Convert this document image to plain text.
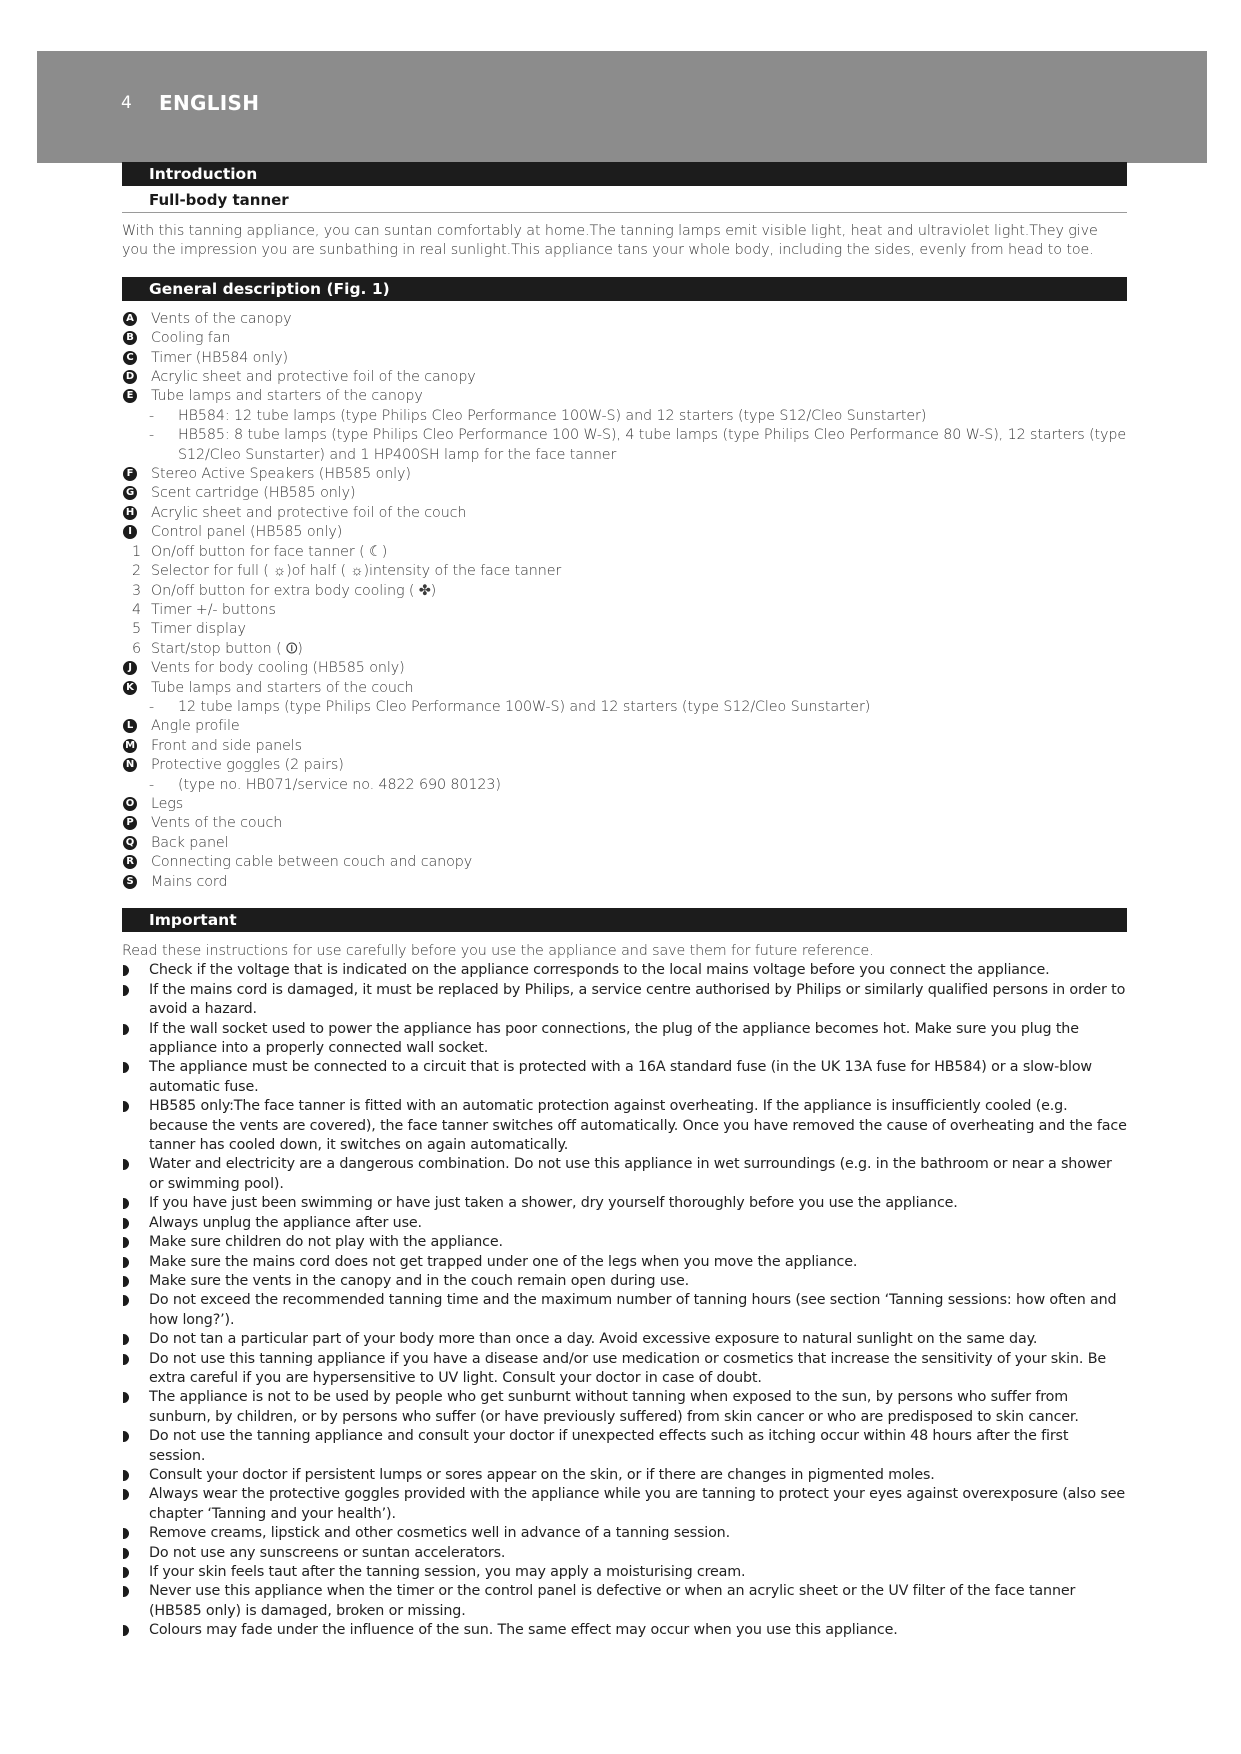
4 ENGLISH
Introduction
Full-body tanner
With this tanning appliance, you can suntan comfortably at home.The tanning lamps emit visible light, heat and ultraviolet light.They give you the impression you are sunbathing in real sunlight.This appliance tans your whole body, including the sides, evenly from head to toe.
General description (Fig. 1)
A Vents of the canopy
B Cooling fan
C Timer (HB584 only)
D Acrylic sheet and protective foil of the canopy
E Tube lamps and starters of the canopy
- HB584: 12 tube lamps (type Philips Cleo Performance 100W-S) and 12 starters (type S12/Cleo Sunstarter)
- HB585: 8 tube lamps (type Philips Cleo Performance 100 W-S), 4 tube lamps (type Philips Cleo Performance 80 W-S), 12 starters (type S12/Cleo Sunstarter) and 1 HP400SH lamp for the face tanner
F Stereo Active Speakers (HB585 only)
G Scent cartridge (HB585 only)
H Acrylic sheet and protective foil of the couch
I	Control panel (HB585 only)
1 On/off button for face tanner ( ☾)
2 Selector for full ( ☼)of half ( ☼)intensity of the face tanner
3 On/off button for extra body cooling ( ✤)
4 Timer +/- buttons
5 Timer display
6 Start/stop button ( ⏼)
J	Vents for body cooling (HB585 only)
K Tube lamps and starters of the couch
- 12 tube lamps (type Philips Cleo Performance 100W-S) and 12 starters (type S12/Cleo Sunstarter)
L Angle profile
M Front and side panels
N Protective goggles (2 pairs)
- (type no. HB071/service no. 4822 690 80123)
O Legs
P Vents of the couch
Q Back panel
R Connecting cable between couch and canopy
S Mains cord
Important
Read these instructions for use carefully before you use the appliance and save them for future reference.
Check if the voltage that is indicated on the appliance corresponds to the local mains voltage before you connect the appliance.
If the mains cord is damaged, it must be replaced by Philips, a service centre authorised by Philips or similarly qualified persons in order to avoid a hazard.
If the wall socket used to power the appliance has poor connections, the plug of the appliance becomes hot. Make sure you plug the appliance into a properly connected wall socket.
The appliance must be connected to a circuit that is protected with a 16A standard fuse (in the UK 13A fuse for HB584) or a slow-blow automatic fuse.
HB585 only:The face tanner is fitted with an automatic protection against overheating. If the appliance is insufficiently cooled (e.g. because the vents are covered), the face tanner switches off automatically. Once you have removed the cause of overheating and the face tanner has cooled down, it switches on again automatically.
Water and electricity are a dangerous combination. Do not use this appliance in wet surroundings (e.g. in the bathroom or near a shower or swimming pool).
If you have just been swimming or have just taken a shower, dry yourself thoroughly before you use the appliance.
Always unplug the appliance after use.
Make sure children do not play with the appliance.
Make sure the mains cord does not get trapped under one of the legs when you move the appliance.
Make sure the vents in the canopy and in the couch remain open during use.
Do not exceed the recommended tanning time and the maximum number of tanning hours (see section ‘Tanning sessions: how often and how long?’).
Do not tan a particular part of your body more than once a day. Avoid excessive exposure to natural sunlight on the same day.
Do not use this tanning appliance if you have a disease and/or use medication or cosmetics that increase the sensitivity of your skin. Be extra careful if you are hypersensitive to UV light. Consult your doctor in case of doubt.
The appliance is not to be used by people who get sunburnt without tanning when exposed to the sun, by persons who suffer from sunburn, by children, or by persons who suffer (or have previously suffered) from skin cancer or who are predisposed to skin cancer.
Do not use the tanning appliance and consult your doctor if unexpected effects such as itching occur within 48 hours after the first session.
Consult your doctor if persistent lumps or sores appear on the skin, or if there are changes in pigmented moles.
Always wear the protective goggles provided with the appliance while you are tanning to protect your eyes against overexposure (also see chapter ‘Tanning and your health’).
Remove creams, lipstick and other cosmetics well in advance of a tanning session.
Do not use any sunscreens or suntan accelerators.
If your skin feels taut after the tanning session, you may apply a moisturising cream.
Never use this appliance when the timer or the control panel is defective or when an acrylic sheet or the UV filter of the face tanner (HB585 only) is damaged, broken or missing.
Colours may fade under the influence of the sun. The same effect may occur when you use this appliance.
